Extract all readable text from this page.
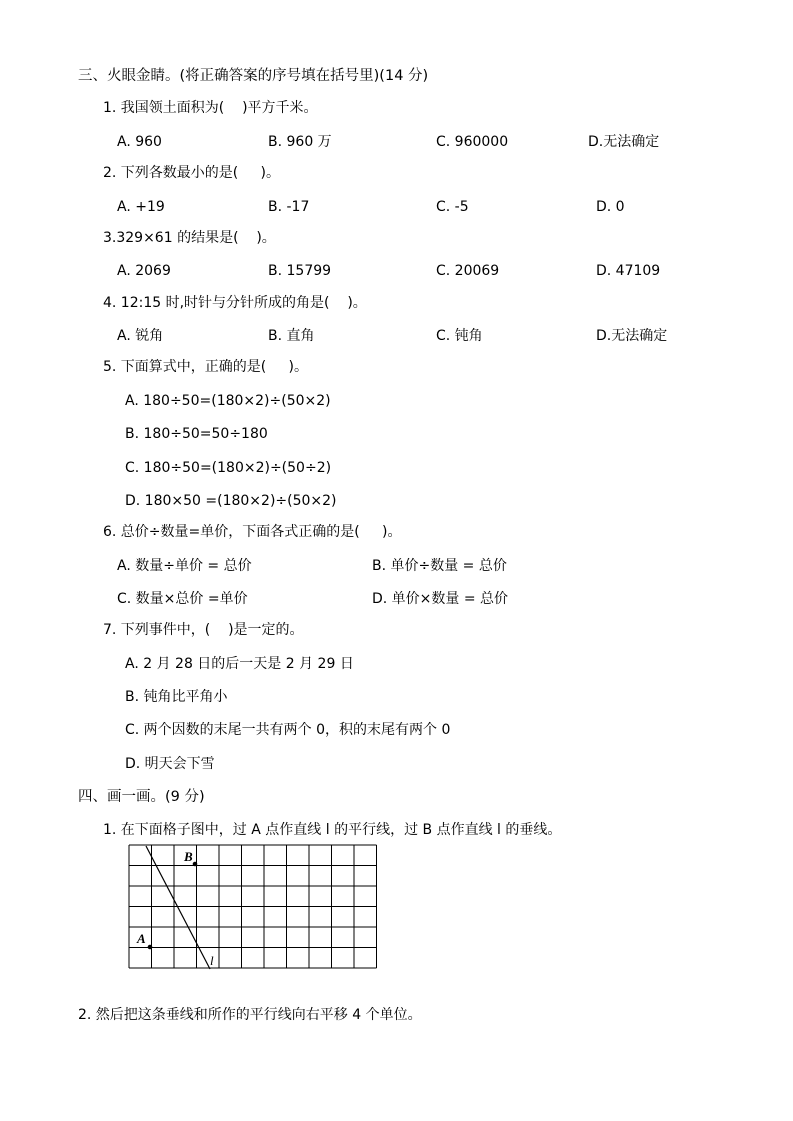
三、火眼金睛。(将正确答案的序号填在括号里)(14 分)
1. 我国领土面积为(    )平方千米。
A. 960	B. 960 万	C. 960000	D.无法确定
2. 下列各数最小的是(     )。
A. +19	B. -17	C. -5	D. 0
3.329×61 的结果是(    )。
A. 2069	B. 15799	C. 20069	D. 47109
4. 12:15 时,时针与分针所成的角是(    )。
A. 锐角	B. 直角	C. 钝角	D.无法确定
5. 下面算式中，正确的是(     )。
A. 180÷50=(180×2)÷(50×2)
B. 180÷50=50÷180
C. 180÷50=(180×2)÷(50÷2)
D. 180×50 =(180×2)÷(50×2)
6. 总价÷数量=单价，下面各式正确的是(     )。
A. 数量÷单价 = 总价	B. 单价÷数量 = 总价
C. 数量×总价 =单价	D. 单价×数量 = 总价
7. 下列事件中，(    )是一定的。
A. 2 月 28 日的后一天是 2 月 29 日
B. 钝角比平角小
C. 两个因数的末尾一共有两个 0，积的末尾有两个 0
D. 明天会下雪
四、画一画。(9 分)
1. 在下面格子图中，过 A 点作直线 l 的平行线，过 B 点作直线 l 的垂线。
B
A
l
2. 然后把这条垂线和所作的平行线向右平移 4 个单位。
